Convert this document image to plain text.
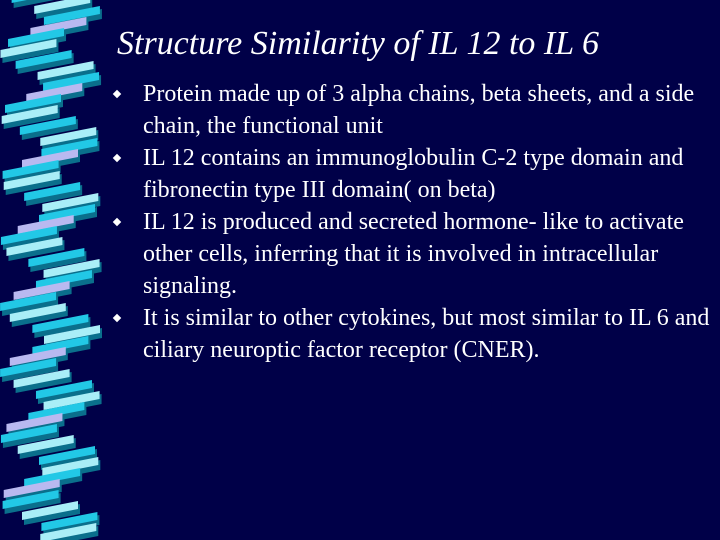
Structure Similarity of IL 12 to IL 6
Protein made up of 3 alpha chains, beta sheets, and a side chain, the functional unit
IL 12 contains an immunoglobulin C-2 type domain and fibronectin type III domain( on beta)
IL 12 is produced and secreted hormone- like to activate other cells, inferring that it is involved in intracellular signaling.
It is similar to other cytokines, but most similar to IL 6 and ciliary neuroptic factor receptor (CNER).
